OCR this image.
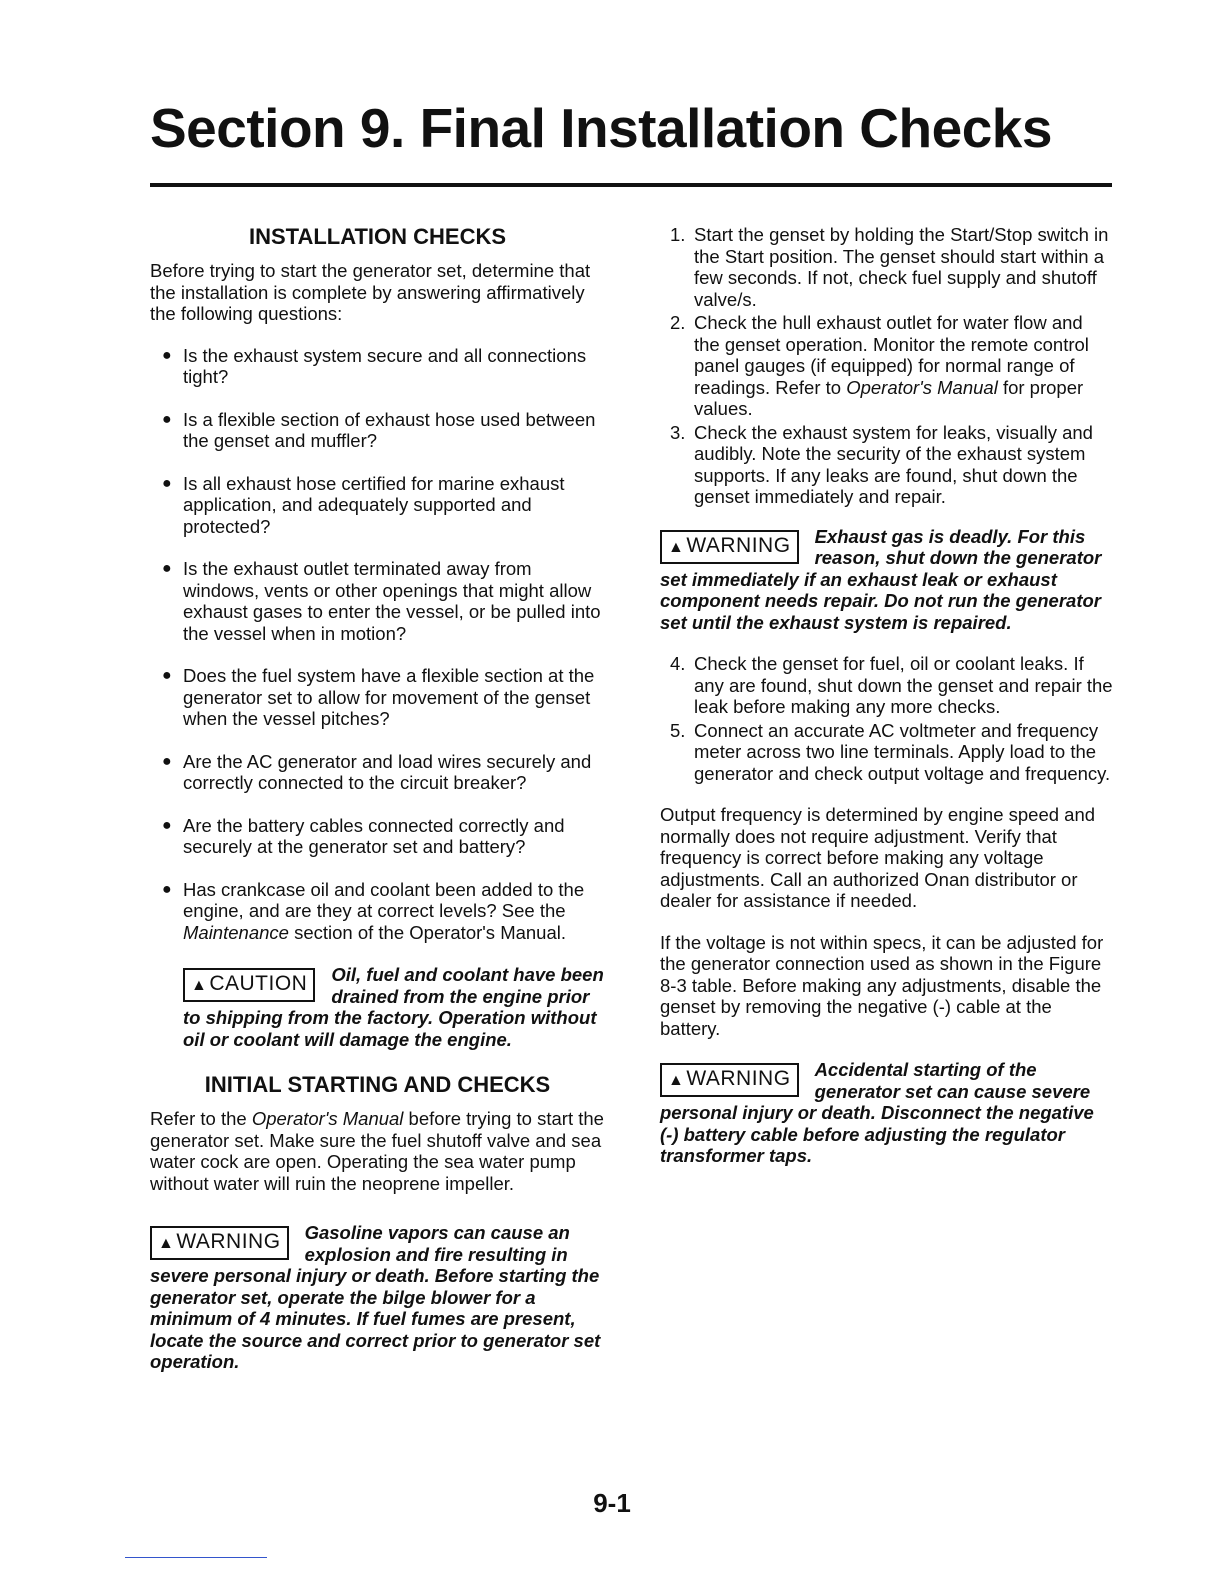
Section 9. Final Installation Checks
INSTALLATION CHECKS

Before trying to start the generator set, determine that the installation is complete by answering affirmatively the following questions:

● Is the exhaust system secure and all connections tight?
● Is a flexible section of exhaust hose used between the genset and muffler?
● Is all exhaust hose certified for marine exhaust application, and adequately supported and protected?
● Is the exhaust outlet terminated away from windows, vents or other openings that might allow exhaust gases to enter the vessel, or be pulled into the vessel when in motion?
● Does the fuel system have a flexible section at the generator set to allow for movement of the genset when the vessel pitches?
● Are the AC generator and load wires securely and correctly connected to the circuit breaker?
● Are the battery cables connected correctly and securely at the generator set and battery?
● Has crankcase oil and coolant been added to the engine, and are they at correct levels? See the Maintenance section of the Operator's Manual.
▲CAUTION	Oil, fuel and coolant have been drained from the engine prior to shipping from the factory. Operation without oil or coolant will damage the engine.
INITIAL STARTING AND CHECKS

Refer to the Operator's Manual before trying to start the generator set. Make sure the fuel shutoff valve and sea water cock are open. Operating the sea water pump without water will ruin the neoprene impeller.

▲WARNING	Gasoline vapors can cause an explosion and fire resulting in severe personal injury or death. Before starting the generator set, operate the bilge blower for a minimum of 4 minutes. If fuel fumes are present, locate the source and correct prior to generator set operation.
1. Start the genset by holding the Start/Stop switch in the Start position. The genset should start within a few seconds. If not, check fuel supply and shutoff valve/s.
2. Check the hull exhaust outlet for water flow and the genset operation. Monitor the remote control panel gauges (if equipped) for normal range of readings. Refer to Operator's Manual for proper values.
3. Check the exhaust system for leaks, visually and audibly. Note the security of the exhaust system supports. If any leaks are found, shut down the genset immediately and repair.
▲WARNING	Exhaust gas is deadly. For this reason, shut down the generator set immediately if an exhaust leak or exhaust component needs repair. Do not run the generator set until the exhaust system is repaired.
4. Check the genset for fuel, oil or coolant leaks. If any are found, shut down the genset and repair the leak before making any more checks.
5. Connect an accurate AC voltmeter and frequency meter across two line terminals. Apply load to the generator and check output voltage and frequency.

Output frequency is determined by engine speed and normally does not require adjustment. Verify that frequency is correct before making any voltage adjustments. Call an authorized Onan distributor or dealer for assistance if needed.

If the voltage is not within specs, it can be adjusted for the generator connection used as shown in the Figure 8-3 table. Before making any adjustments, disable the genset by removing the negative (-) cable at the battery.

▲WARNING	Accidental starting of the generator set can cause severe personal injury or death. Disconnect the negative (-) battery cable before adjusting the regulator transformer taps.
9-1
